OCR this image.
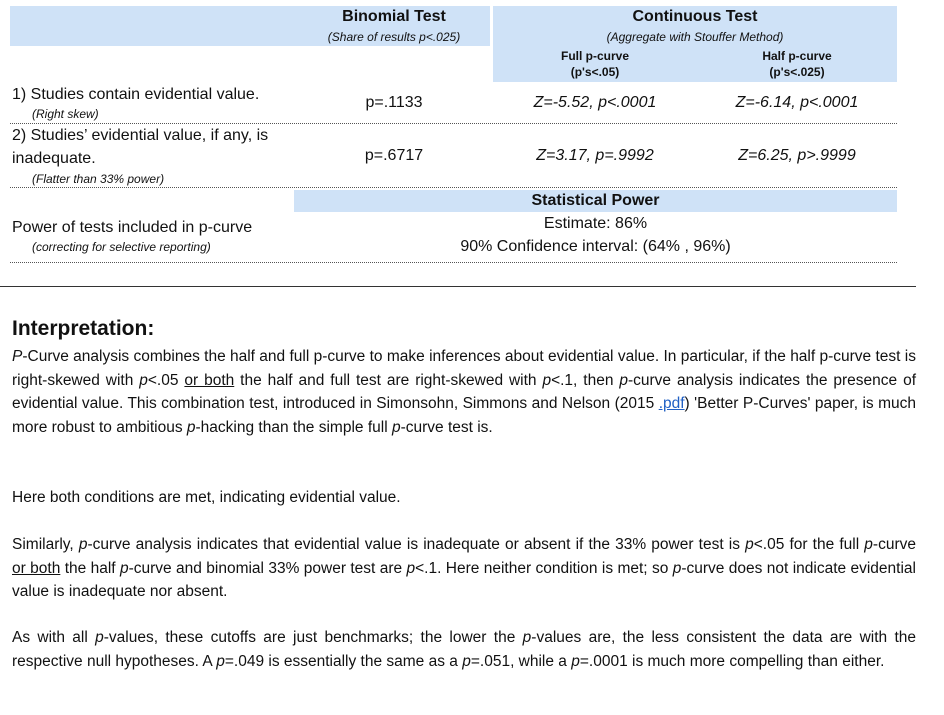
Binomial Test
(Share of results p<.025)
Continuous Test
(Aggregate with Stouffer Method)
Full p-curve
(p's<.05)
Half p-curve
(p's<.025)
1) Studies contain evidential value.
(Right skew)
p=.1133	Z=-5.52, p<.0001	Z=-6.14, p<.0001
2) Studies’ evidential value, if any, is
inadequate.
(Flatter than 33% power)
p=.6717	Z=3.17, p=.9992	Z=6.25, p>.9999
Statistical Power
Power of tests included in p-curve
(correcting for selective reporting)
Estimate: 86%
90% Confidence interval: (64% , 96%)
Interpretation:
P-Curve analysis combines the half and full p-curve to make inferences about evidential value. In particular, if the half p-curve test is right-skewed with p<.05 or both the half and full test are right-skewed with p<.1, then p-curve analysis indicates the presence of evidential value. This combination test, introduced in Simonsohn, Simmons and Nelson (2015 .pdf) 'Better P-Curves' paper, is much more robust to ambitious p-hacking than the simple full p-curve test is.
Here both conditions are met, indicating evidential value.
Similarly, p-curve analysis indicates that evidential value is inadequate or absent if the 33% power test is p<.05 for the full p-curve or both the half p-curve and binomial 33% power test are p<.1. Here neither condition is met; so p-curve does not indicate evidential value is inadequate nor absent.
As with all p-values, these cutoffs are just benchmarks; the lower the p-values are, the less consistent the data are with the respective null hypotheses. A p=.049 is essentially the same as a p=.051, while a p=.0001 is much more compelling than either.
